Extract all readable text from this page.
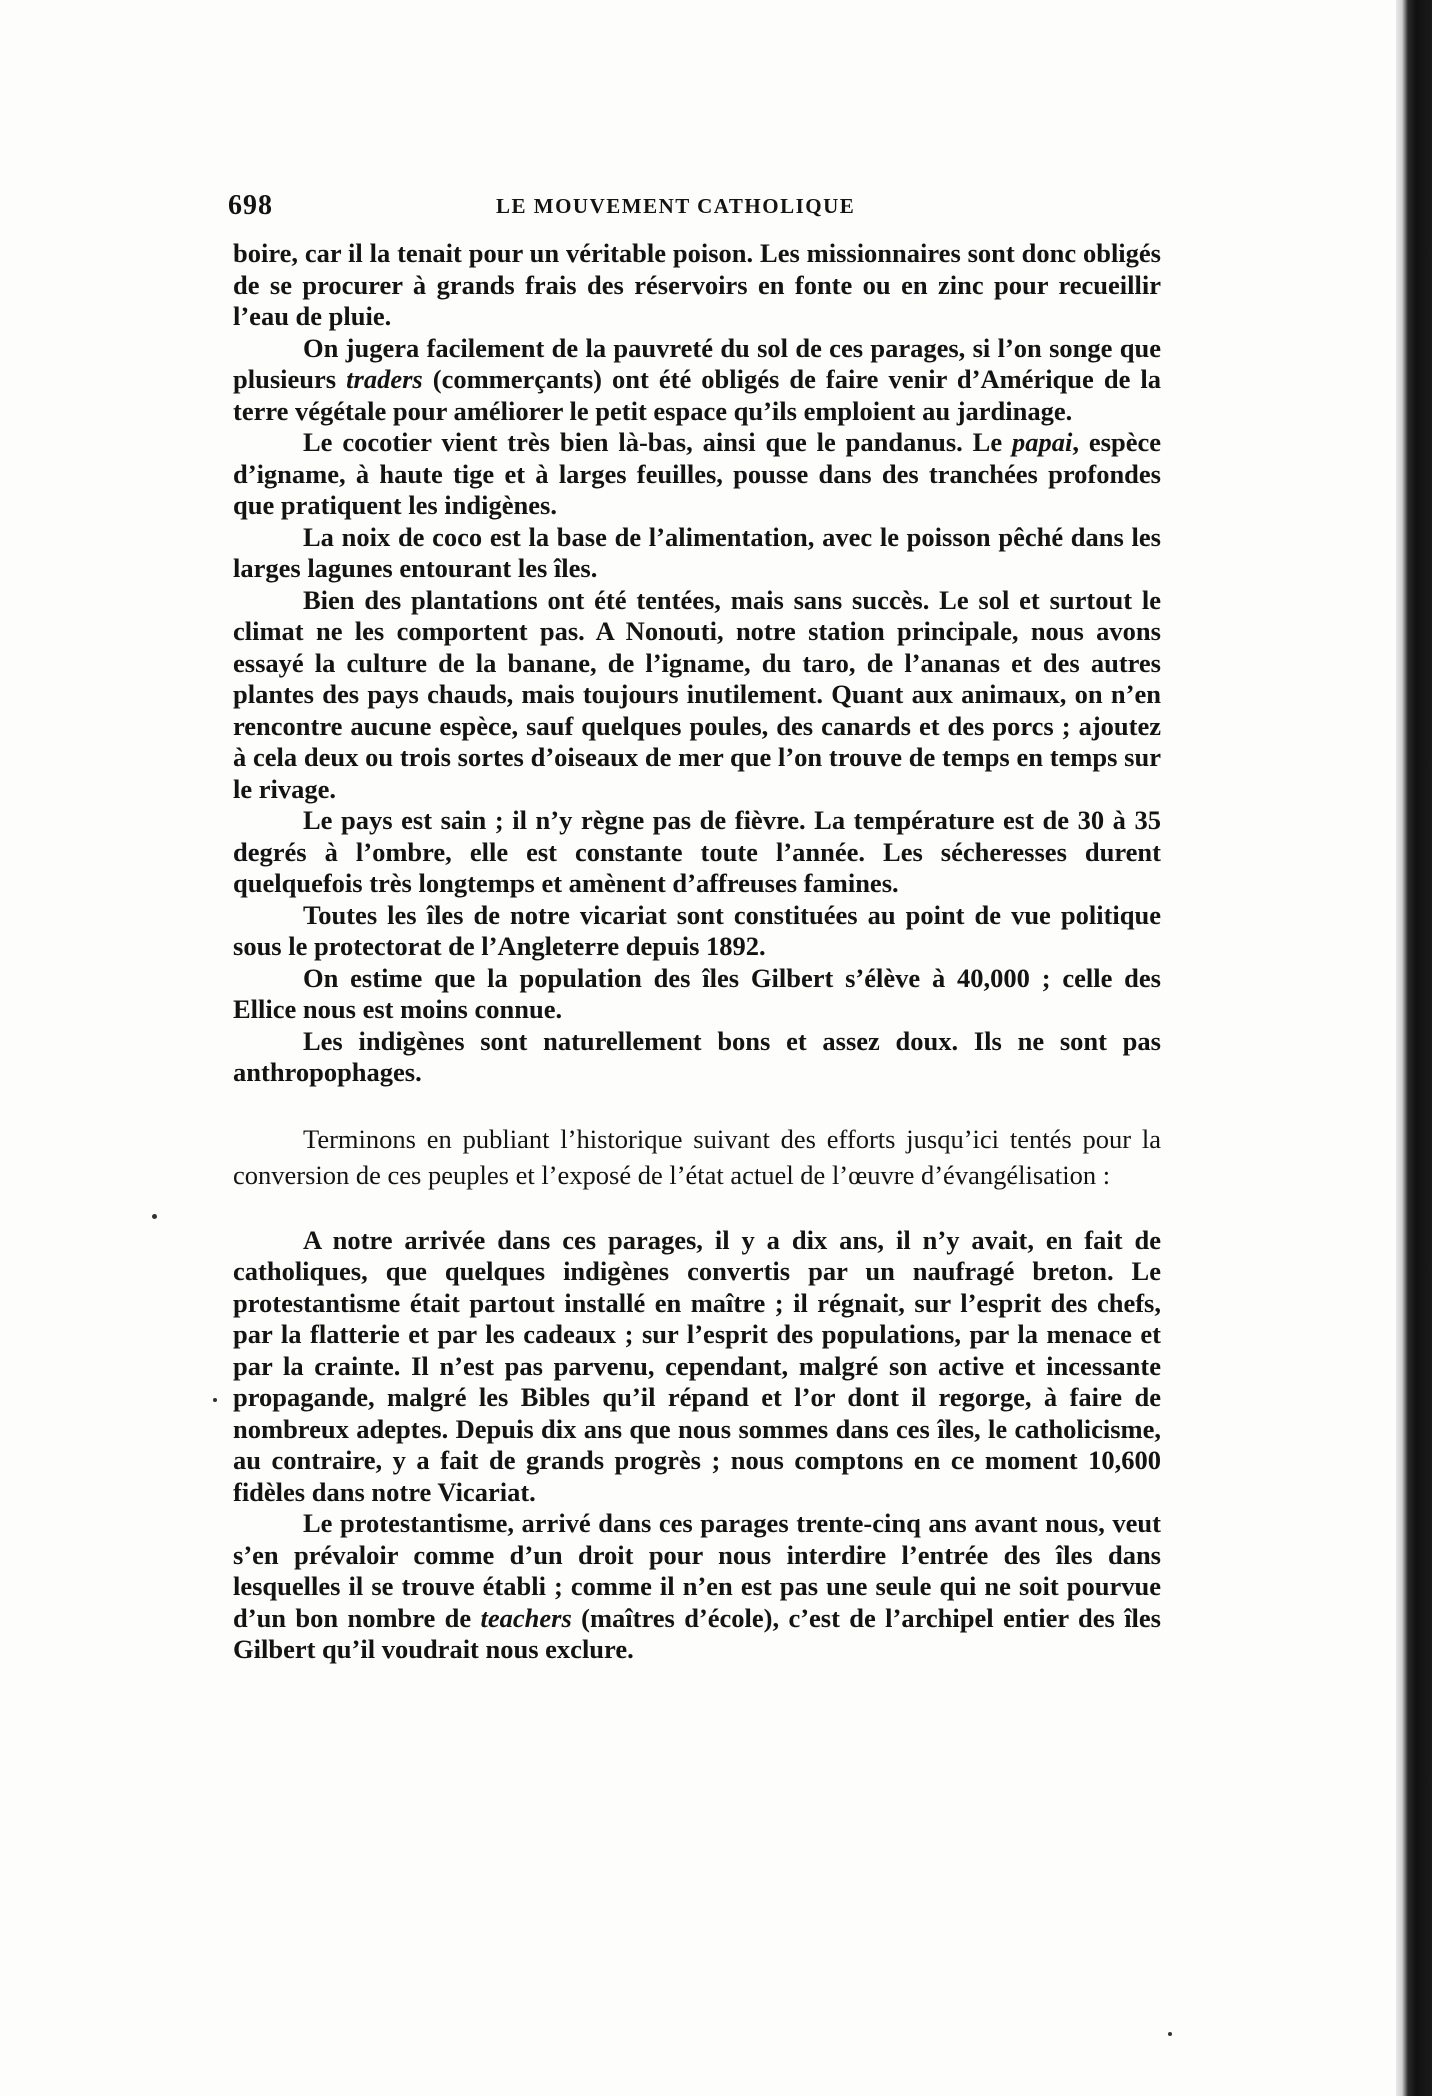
698	LE MOUVEMENT CATHOLIQUE

boire, car il la tenait pour un véritable poison. Les missionnaires sont donc obligés de se procurer à grands frais des réservoirs en fonte ou en zinc pour recueillir l’eau de pluie.

On jugera facilement de la pauvreté du sol de ces parages, si l’on songe que plusieurs traders (commerçants) ont été obligés de faire venir d’Amérique de la terre végétale pour améliorer le petit espace qu’ils emploient au jardinage.

Le cocotier vient très bien là-bas, ainsi que le pandanus. Le papai, espèce d’igname, à haute tige et à larges feuilles, pousse dans des tranchées profondes que pratiquent les indigènes.

La noix de coco est la base de l’alimentation, avec le poisson pêché dans les larges lagunes entourant les îles.

Bien des plantations ont été tentées, mais sans succès. Le sol et surtout le climat ne les comportent pas. A Nonouti, notre station principale, nous avons essayé la culture de la banane, de l’igname, du taro, de l’ananas et des autres plantes des pays chauds, mais toujours inutilement. Quant aux animaux, on n’en rencontre aucune espèce, sauf quelques poules, des canards et des porcs ; ajoutez à cela deux ou trois sortes d’oiseaux de mer que l’on trouve de temps en temps sur le rivage.

Le pays est sain ; il n’y règne pas de fièvre. La température est de 30 à 35 degrés à l’ombre, elle est constante toute l’année. Les sécheresses durent quelquefois très longtemps et amènent d’affreuses famines.

Toutes les îles de notre vicariat sont constituées au point de vue politique sous le protectorat de l’Angleterre depuis 1892.

On estime que la population des îles Gilbert s’élève à 40,000 ; celle des Ellice nous est moins connue.

Les indigènes sont naturellement bons et assez doux. Ils ne sont pas anthropophages.

Terminons en publiant l’historique suivant des efforts jusqu’ici tentés pour la conversion de ces peuples et l’exposé de l’état actuel de l’œuvre d’évangélisation :

A notre arrivée dans ces parages, il y a dix ans, il n’y avait, en fait de catholiques, que quelques indigènes convertis par un naufragé breton. Le protestantisme était partout installé en maître ; il régnait, sur l’esprit des chefs, par la flatterie et par les cadeaux ; sur l’esprit des populations, par la menace et par la crainte. Il n’est pas parvenu, cependant, malgré son active et incessante propagande, malgré les Bibles qu’il répand et l’or dont il regorge, à faire de nombreux adeptes. Depuis dix ans que nous sommes dans ces îles, le catholicisme, au contraire, y a fait de grands progrès ; nous comptons en ce moment 10,600 fidèles dans notre Vicariat.

Le protestantisme, arrivé dans ces parages trente-cinq ans avant nous, veut s’en prévaloir comme d’un droit pour nous interdire l’entrée des îles dans lesquelles il se trouve établi ; comme il n’en est pas une seule qui ne soit pourvue d’un bon nombre de teachers (maîtres d’école), c’est de l’archipel entier des îles Gilbert qu’il voudrait nous exclure.
